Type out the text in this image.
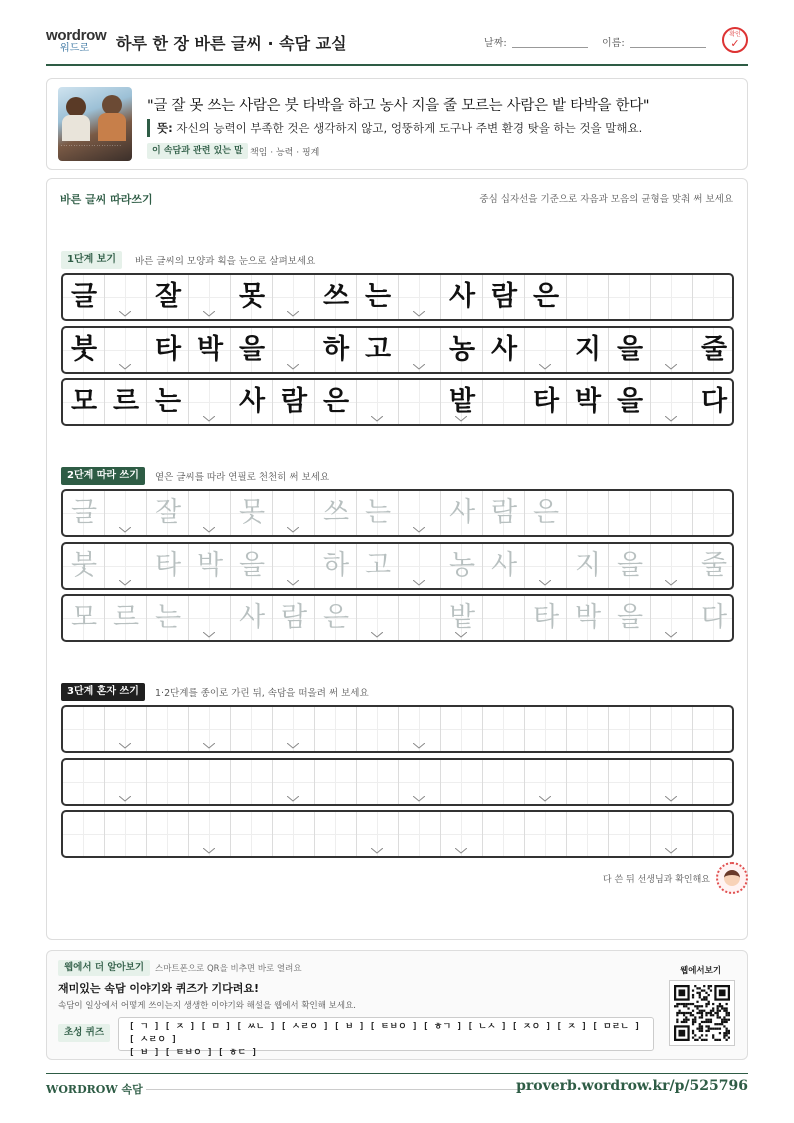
wordrow
워드로	하루 한 장 바른 글씨 · 속담 교실	날짜:	이름:
확인
✓
· · · · · · · · · · · · · · · · · · · · · · · ·
"글 잘 못 쓰는 사람은 붓 타박을 하고 농사 지을 줄 모르는 사람은 밭 타박을 한다"
뜻: 자신의 능력이 부족한 것은 생각하지 않고, 엉뚱하게 도구나 주변 환경 탓을 하는 것을 말해요.
이 속담과 관련 있는 말 책임 · 능력 · 핑계
바른 글씨 따라쓰기	중심 십자선을 기준으로 자음과 모음의 균형을 맞춰 써 보세요
1단계 보기	바른 글씨의 모양과 획을 눈으로 살펴보세요
2단계 따라 쓰기	옅은 글씨를 따라 연필로 천천히 써 보세요
3단계 혼자 쓰기	1·2단계를 종이로 가린 뒤, 속담을 떠올려 써 보세요
글 잘 못 쓰 는 사 람 은
붓 타 박 을 하 고 농 사 지 을 줄
모 르 는 사 람 은	밭 타 박 을 다
글 잘 못 쓰 는 사 람 은
붓 타 박 을 하 고 농 사 지 을 줄
모 르 는 사 람 은	밭 타 박 을 다
다 쓴 뒤 선생님과 확인해요
웹에서 더 알아보기	스마트폰으로 QR을 비추면 바로 열려요
재미있는 속담 이야기와 퀴즈가 기다려요!
속담이 일상에서 어떻게 쓰이는지 생생한 이야기와 해설을 웹에서 확인해 보세요.
초성 퀴즈	[ ㄱ ] [ ㅈ ] [ ㅁ ] [ ㅆㄴ ] [ ㅅㄹㅇ ] [ ㅂ ] [ ㅌㅂㅇ ] [ ㅎㄱ ] [ ㄴㅅ ] [ ㅈㅇ ] [ ㅈ ] [ ㅁㄹㄴ ] [ ㅅㄹㅇ ]
[ ㅂ ] [ ㅌㅂㅇ ] [ ㅎㄷ ]
웹에서보기
WORDROW 속담	proverb.wordrow.kr/p/525796
